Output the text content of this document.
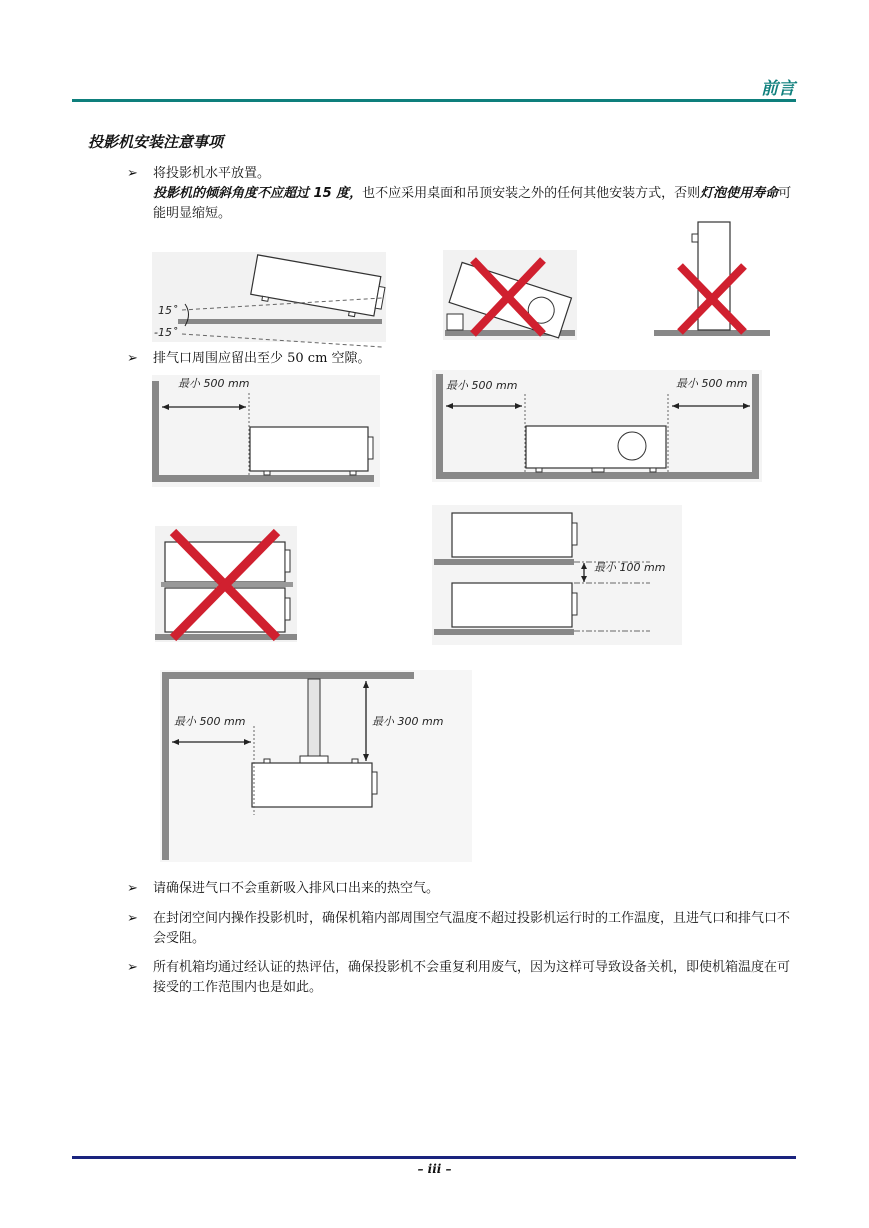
前言
投影机安装注意事项
➢ 将投影机水平放置。
投影机的倾斜角度不应超过 15 度，也不应采用桌面和吊顶安装之外的任何其他安装方式，否则灯泡使用寿命可能明显缩短。
15˚
-15˚
➢ 排气口周围应留出至少 50 cm 空隙。
最小 500 mm	最小 500 mm	最小 500 mm
最小 100 mm
最小 500 mm	最小 300 mm
➢ 请确保进气口不会重新吸入排风口出来的热空气。
➢ 在封闭空间内操作投影机时，确保机箱内部周围空气温度不超过投影机运行时的工作温度，且进气口和排气口不会受阻。
➢ 所有机箱均通过经认证的热评估，确保投影机不会重复利用废气，因为这样可导致设备关机，即使机箱温度在可接受的工作范围内也是如此。
– iii –
